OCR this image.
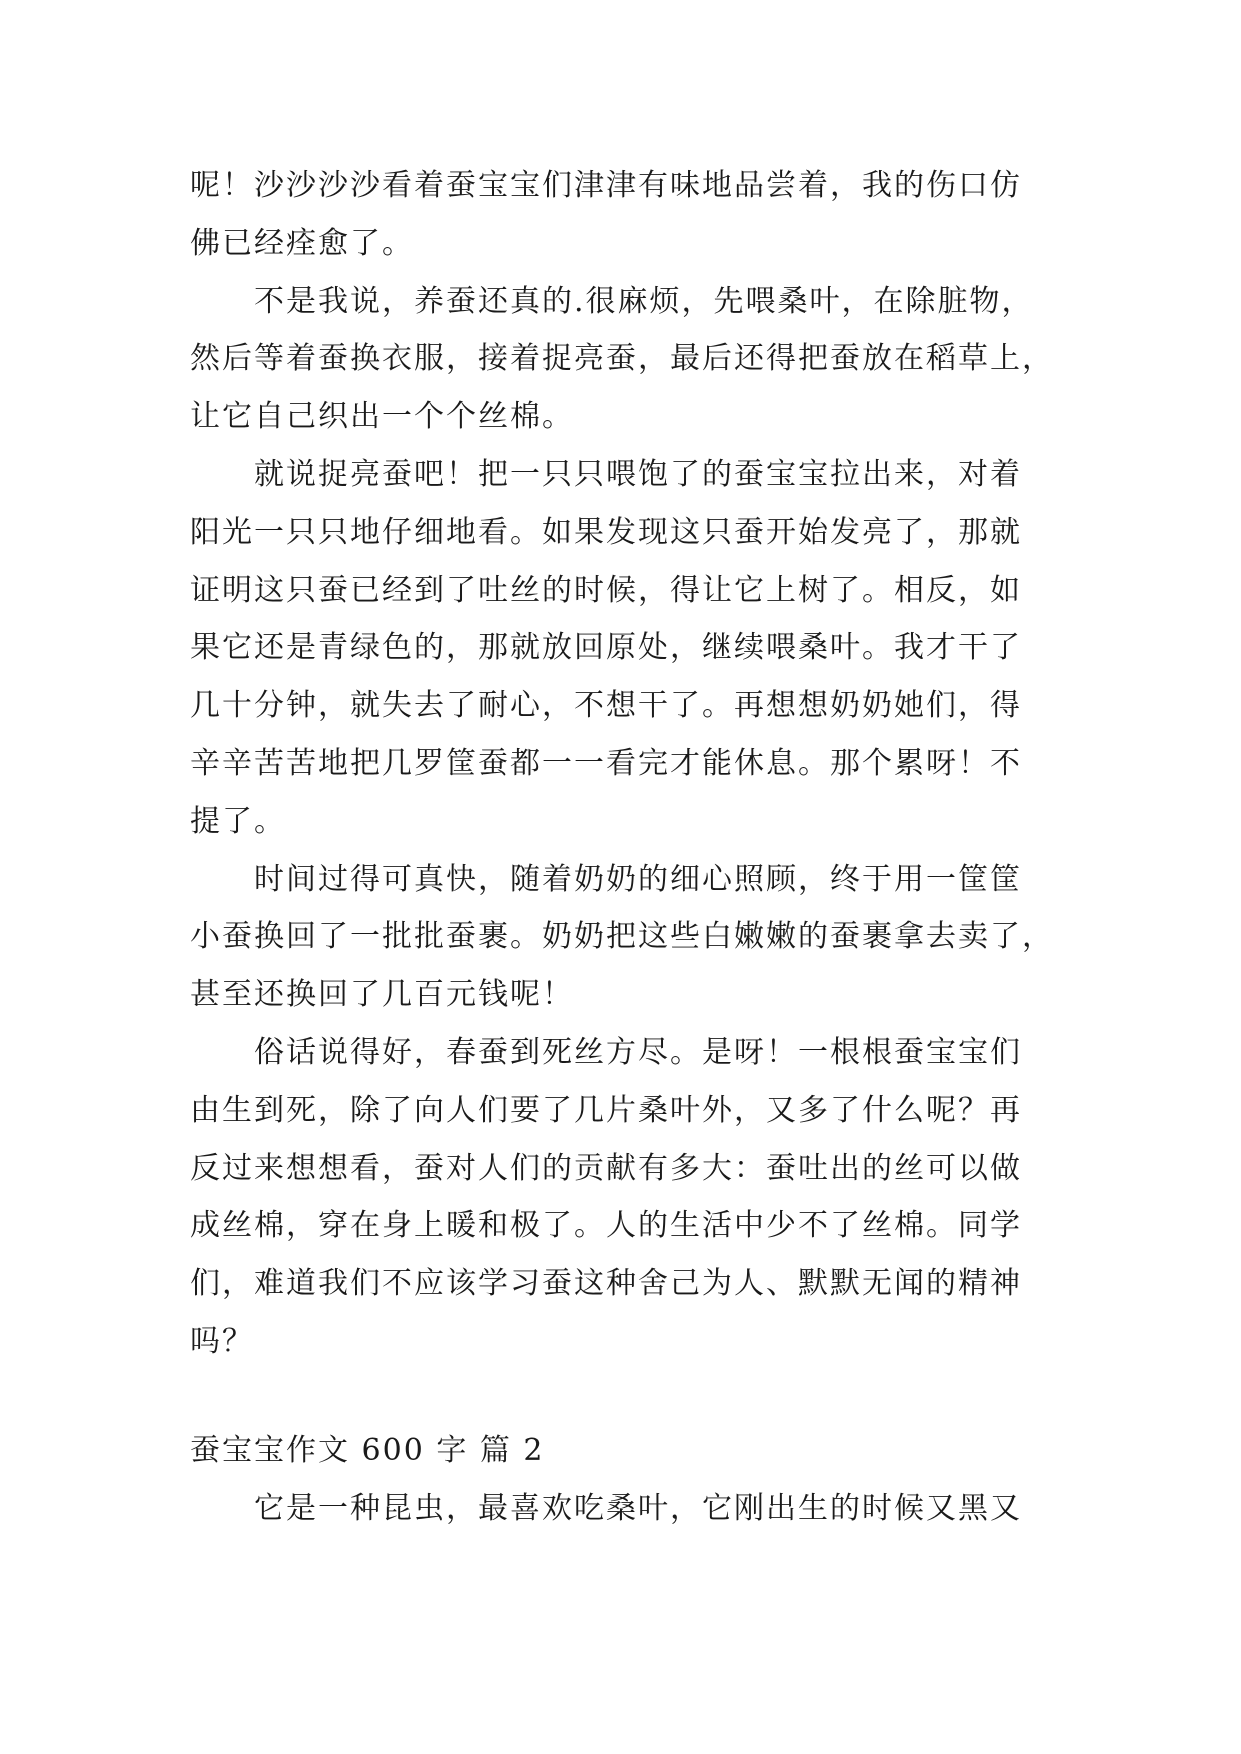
呢！沙沙沙沙看着蚕宝宝们津津有味地品尝着，我的伤口仿
佛已经痊愈了。
不是我说，养蚕还真的.很麻烦，先喂桑叶，在除脏物，
然后等着蚕换衣服，接着捉亮蚕，最后还得把蚕放在稻草上，
让它自己织出一个个丝棉。
就说捉亮蚕吧！把一只只喂饱了的蚕宝宝拉出来，对着
阳光一只只地仔细地看。如果发现这只蚕开始发亮了，那就
证明这只蚕已经到了吐丝的时候，得让它上树了。相反，如
果它还是青绿色的，那就放回原处，继续喂桑叶。我才干了
几十分钟，就失去了耐心，不想干了。再想想奶奶她们，得
辛辛苦苦地把几罗筐蚕都一一看完才能休息。那个累呀！不
提了。
时间过得可真快，随着奶奶的细心照顾，终于用一筐筐
小蚕换回了一批批蚕裹。奶奶把这些白嫩嫩的蚕裹拿去卖了，
甚至还换回了几百元钱呢！
俗话说得好，春蚕到死丝方尽。是呀！一根根蚕宝宝们
由生到死，除了向人们要了几片桑叶外，又多了什么呢？再
反过来想想看，蚕对人们的贡献有多大：蚕吐出的丝可以做
成丝棉，穿在身上暖和极了。人的生活中少不了丝棉。同学
们，难道我们不应该学习蚕这种舍己为人、默默无闻的精神
吗？
蚕宝宝作文 600 字 篇 2
它是一种昆虫，最喜欢吃桑叶，它刚出生的时候又黑又
